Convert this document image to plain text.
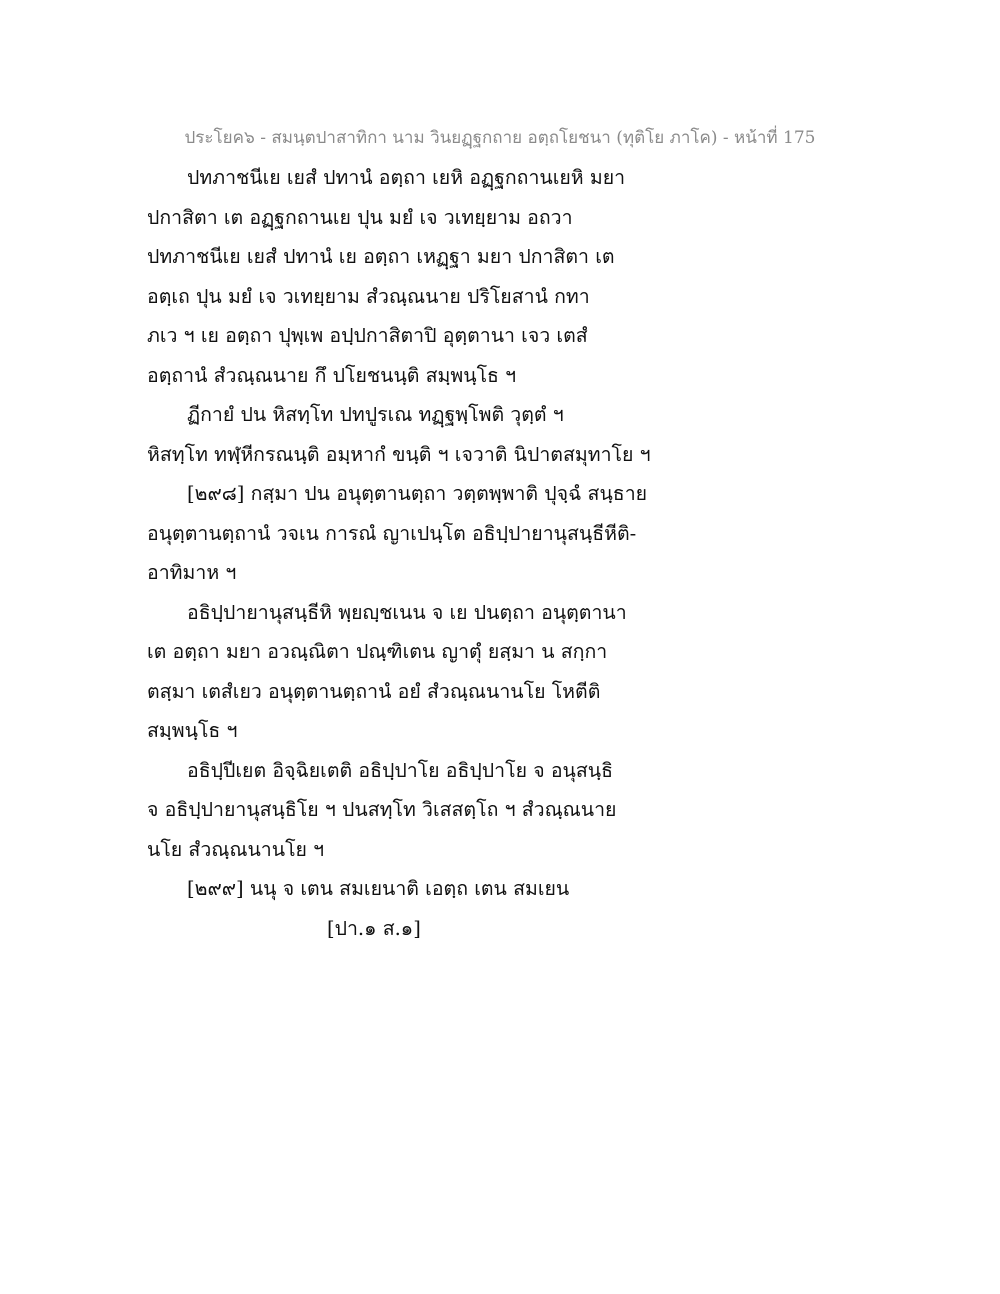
ประโยค๖ - สมนฺตปาสาทิกา นาม วินยฏฺฐกถาย อตฺถโยชนา (ทุติโย ภาโค) - หน้าที่ 175
ปทภาชนีเย เยสํ ปทานํ อตฺถา เยหิ อฏฺฐกถานเยหิ มยา
ปกาสิตา เต อฏฺฐกถานเย ปุน มยํ เจ วเทยฺยาม อถวา
ปทภาชนีเย เยสํ ปทานํ เย อตฺถา เหฏฺฐา มยา ปกาสิตา เต
อตฺเถ ปุน มยํ เจ วเทยฺยาม สํวณฺณนาย ปริโยสานํ กทา
ภเว ฯ เย อตฺถา ปุพฺเพ อปฺปกาสิตาปิ อุตฺตานา เจว เตสํ
อตฺถานํ สํวณฺณนาย กึ ปโยชนนฺติ สมฺพนฺโธ ฯ
ฏีกายํ ปน หิสทฺโท ปทปูรเณ ทฏฺฐพฺโพติ วุตฺตํ ฯ
หิสทฺโท ทฬฺหีกรณนฺติ อมฺหากํ ขนฺติ ฯ เจวาติ นิปาตสมุทาโย ฯ
[๒๙๘] กสฺมา ปน อนุตฺตานตฺถา วตฺตพฺพาติ ปุจฺฉํ สนฺธาย
อนุตฺตานตฺถานํ วจเน การณํ ญาเปนฺโต อธิปฺปายานุสนฺธีหีติ-
อาทิมาห ฯ
อธิปฺปายานุสนฺธีหิ พฺยญฺชเนน จ เย ปนตฺถา อนุตฺตานา
เต อตฺถา มยา อวณฺณิตา ปณฺฑิเตน ญาตุํ ยสฺมา น สกฺกา
ตสฺมา เตสํเยว อนุตฺตานตฺถานํ อยํ สํวณฺณนานโย โหตีติ
สมฺพนฺโธ ฯ
อธิปฺปีเยต อิจฺฉิยเตติ อธิปฺปาโย อธิปฺปาโย จ อนุสนฺธิ
จ อธิปฺปายานุสนฺธิโย ฯ ปนสทฺโท วิเสสตฺโถ ฯ สํวณฺณนาย
นโย สํวณฺณนานโย ฯ
[๒๙๙] นนุ จ เตน สมเยนาติ เอตฺถ เตน สมเยน
[ปา.๑ ส.๑]
